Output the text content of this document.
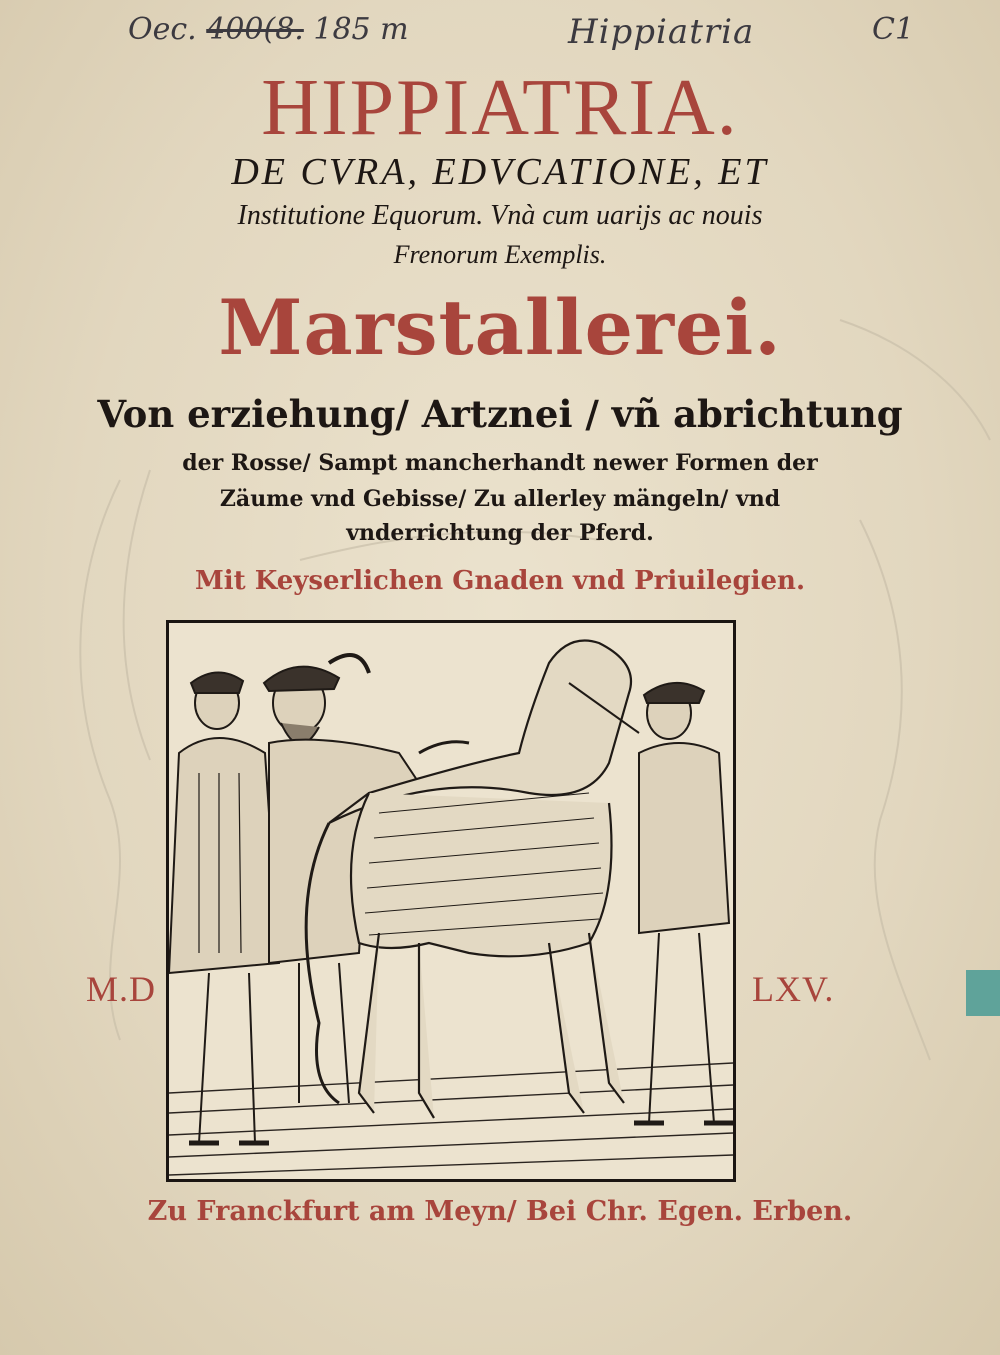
Oec. 400(8. 185 m	Hippiatria	C1
HIPPIATRIA.
DE CVRA, EDVCATIONE, ET
Institutione Equorum. Vnà cum uarijs ac nouis
Frenorum Exemplis.
Marstallerei.
Von erziehung/ Artznei / vñ abrichtung
der Rosse/ Sampt mancherhandt newer Formen der
Zäume vnd Gebisse/ Zu allerley mängeln/ vnd
vnderrichtung der Pferd.
Mit Keyserlichen Gnaden vnd Priuilegien.
M.D	LXV.
Zu Franckfurt am Meyn/ Bei Chr. Egen. Erben.
